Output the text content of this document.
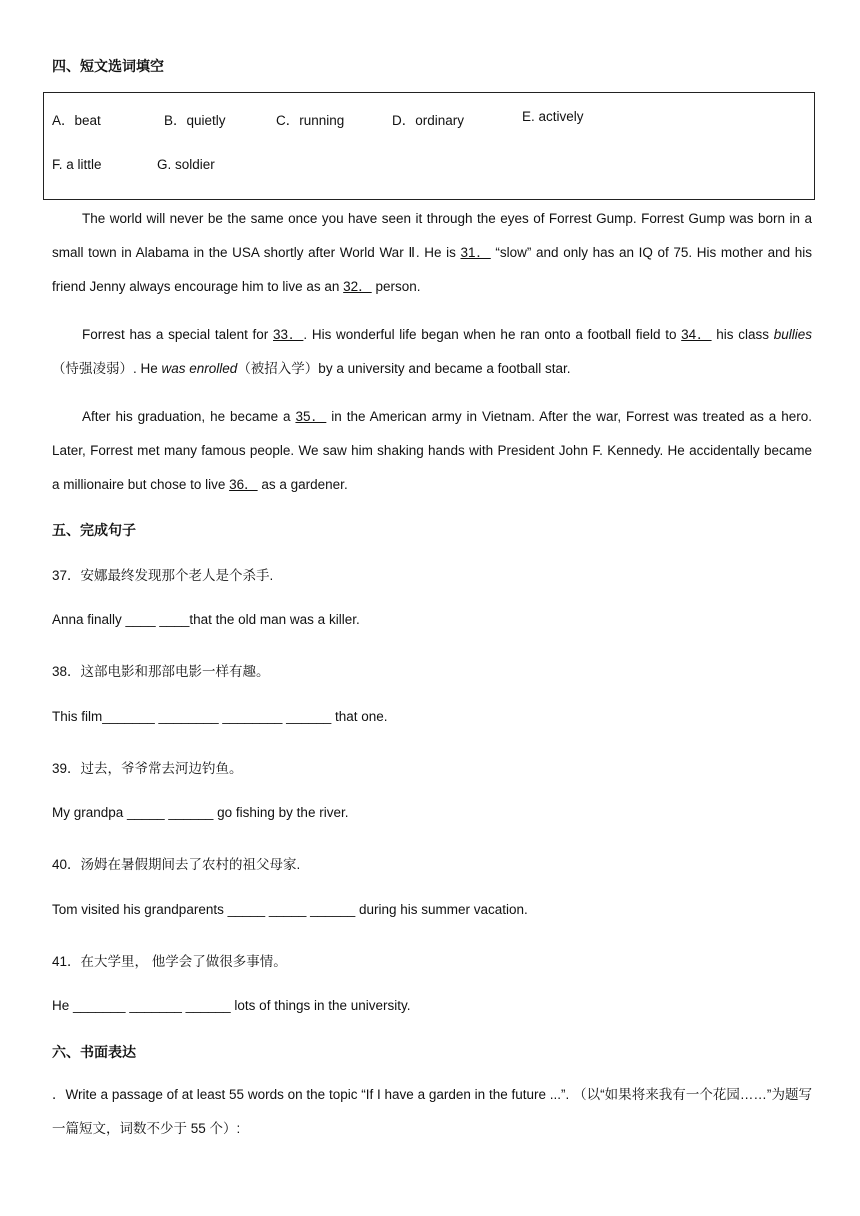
四、短文选词填空
A．beat	B．quietly	C．running	D．ordinary	E. actively
F. a little	G. soldier
The world will never be the same once you have seen it through the eyes of Forrest Gump. Forrest Gump was born in a small town in Alabama in the USA shortly after World War Ⅱ. He is 31． “slow” and only has an IQ of 75. His mother and his friend Jenny always encourage him to live as an 32． person.
Forrest has a special talent for 33．. His wonderful life began when he ran onto a football field to 34． his class bullies（恃强凌弱）. He was enrolled（被招入学）by a university and became a football star.
After his graduation, he became a 35． in the American army in Vietnam. After the war, Forrest was treated as a hero. Later, Forrest met many famous people. We saw him shaking hands with President John F. Kennedy. He accidentally became a millionaire but chose to live 36． as a gardener.
五、完成句子
37．安娜最终发现那个老人是个杀手.
Anna finally ____ ____that the old man was a killer.
38．这部电影和那部电影一样有趣。
This film_______ ________ ________ ______ that one.
39．过去，爷爷常去河边钓鱼。
My grandpa _____ ______ go fishing by the river.
40．汤姆在暑假期间去了农村的祖父母家.
Tom visited his grandparents _____ _____ ______ during his summer vacation.
41．在大学里， 他学会了做很多事情。
He _______ _______ ______ lots of things in the university.
六、书面表达
．Write a passage of at least 55 words on the topic “If I have a garden in the future ...”. （以“如果将来我有一个花园……”为题写一篇短文，词数不少于 55 个）:
